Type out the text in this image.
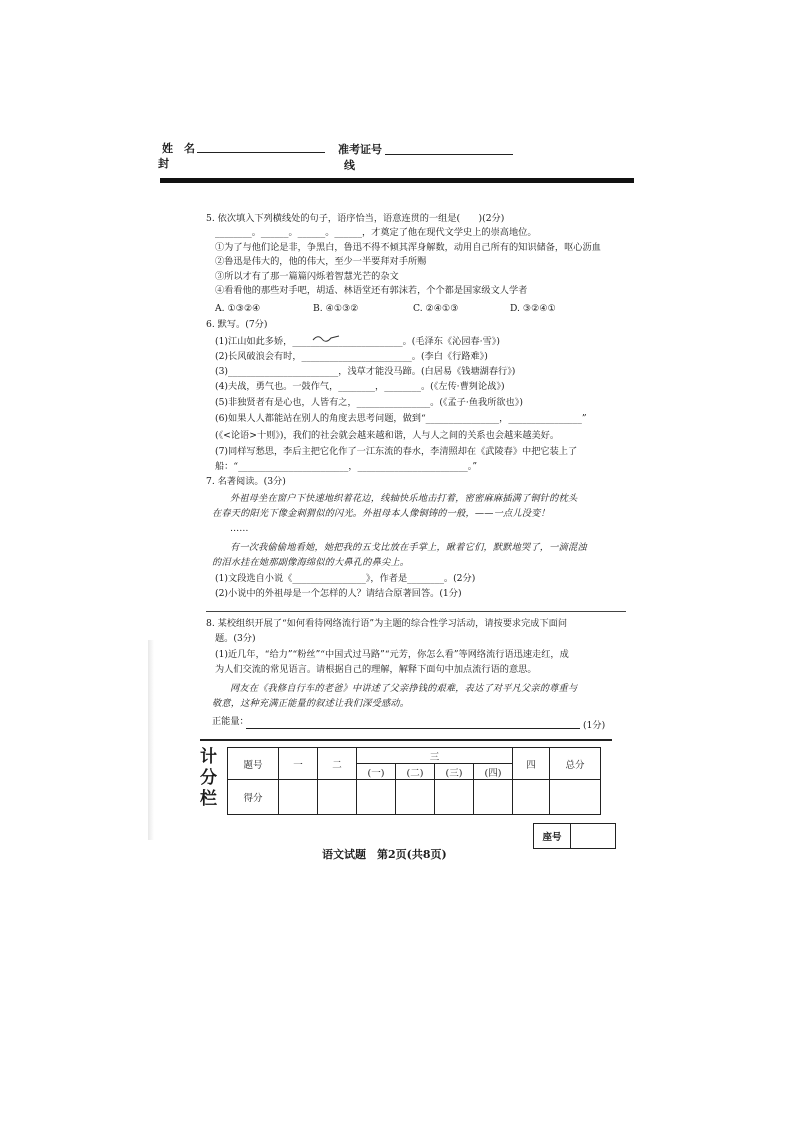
姓　名	准考证号
封	线
5. 依次填入下列横线处的句子，语序恰当，语意连贯的一组是(　　)(2分)
________。______。______。______，才奠定了他在现代文学史上的崇高地位。
①为了与他们论是非，争黑白，鲁迅不得不倾其浑身解数，动用自己所有的知识储备，呕心沥血
②鲁迅是伟大的，他的伟大，至少一半要拜对手所赐
③所以才有了那一篇篇闪烁着智慧光芒的杂文
④看看他的那些对手吧，胡适、林语堂还有郭沫若，个个都是国家级文人学者
A. ①③②④	B. ④①③②	C. ②④①③	D. ③②④①
6. 默写。(7分)
(1)江山如此多娇，________________________。(毛泽东《沁园春·雪》)
(2)长风破浪会有时，________________________。(李白《行路难》)
(3)________________________，浅草才能没马蹄。(白居易《钱塘湖春行》)
(4)夫战，勇气也。一鼓作气，________，________。(《左传·曹刿论战》)
(5)非独贤者有是心也，人皆有之，________________。(《孟子·鱼我所欲也》)
(6)如果人人都能站在别人的角度去思考问题，做到“________________，________________”
(《<论语>十则》)，我们的社会就会越来越和谐，人与人之间的关系也会越来越美好。
(7)同样写愁思，李后主把它化作了一江东流的春水，李清照却在《武陵春》中把它装上了
船：“________________________，________________________。”
7. 名著阅读。(3分)
外祖母坐在窗户下快速地织着花边，线轴快乐地击打着，密密麻麻插满了铜针的枕头
在春天的阳光下像金刺猬似的闪光。外祖母本人像铜铸的一般，——一点儿没变！
……
有一次我偷偷地看她，她把我的五戈比放在手掌上，瞅着它们，默默地哭了，一滴混浊
的泪水挂在她那副像海绵似的大鼻孔的鼻尖上。
(1)文段选自小说《________________》，作者是________。(2分)
(2)小说中的外祖母是一个怎样的人？请结合原著回答。(1分)
8. 某校组织开展了“如何看待网络流行语”为主题的综合性学习活动，请按要求完成下面问
题。(3分)
(1)近几年，“给力”“粉丝”“中国式过马路”“元芳，你怎么看”等网络流行语迅速走红，成
为人们交流的常见语言。请根据自己的理解，解释下面句中加点流行语的意思。
网友在《我修自行车的老爸》中讲述了父亲挣钱的艰难，表达了对平凡父亲的尊重与
敬意，这种充满正能量的叙述让我们深受感动。
正能量：	(1分)
计
分
栏
题号	一	二	三				四	总分
			(一)	(二)	(三)	(四)		
得分								
座号	
语文试题　第2页(共8页)
